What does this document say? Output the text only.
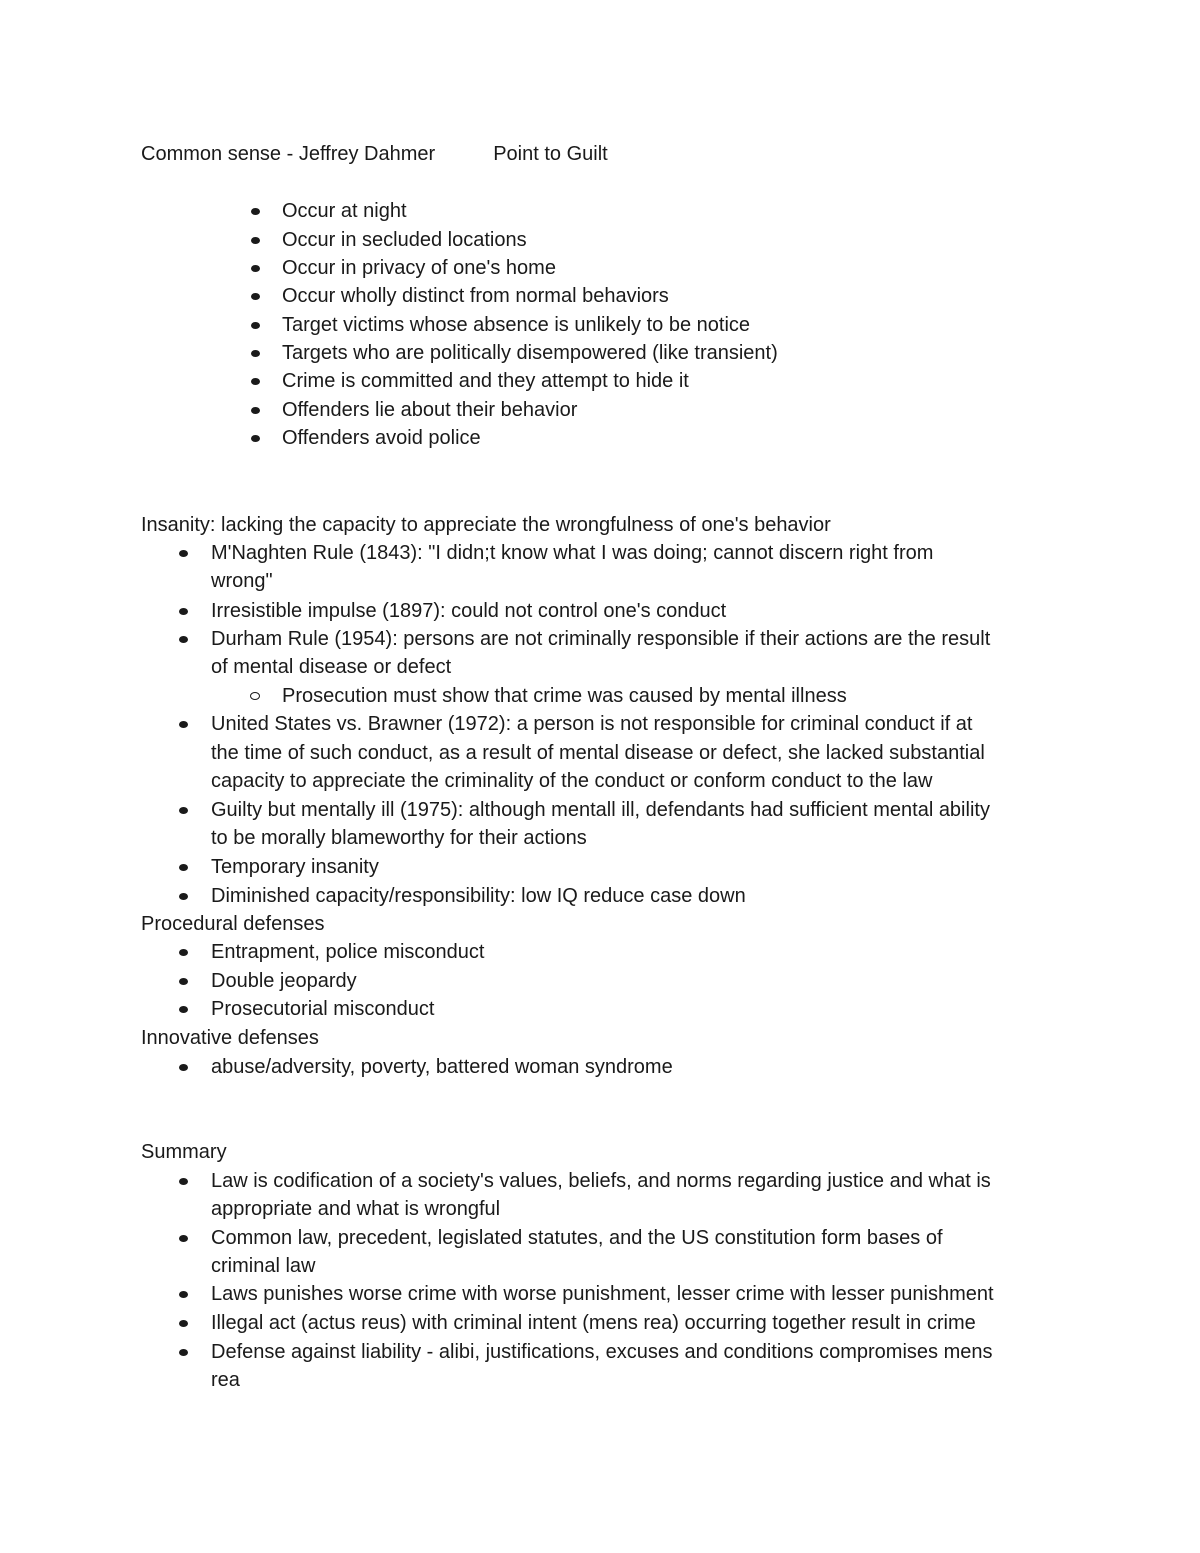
Common sense - Jeffrey Dahmer	Point to Guilt
Occur at night
Occur in secluded locations
Occur in privacy of one's home
Occur wholly distinct from normal behaviors
Target victims whose absence is unlikely to be notice
Targets who are politically disempowered (like transient)
Crime is committed and they attempt to hide it
Offenders lie about their behavior
Offenders avoid police
Insanity: lacking the capacity to appreciate the wrongfulness of one's behavior
M'Naghten Rule (1843): "I didn;t know what I was doing; cannot discern right from
wrong"
Irresistible impulse (1897): could not control one's conduct
Durham Rule (1954): persons are not criminally responsible if their actions are the result
of mental disease or defect
Prosecution must show that crime was caused by mental illness
United States vs. Brawner (1972): a person is not responsible for criminal conduct if at
the time of such conduct, as a result of mental disease or defect, she lacked substantial
capacity to appreciate the criminality of the conduct or conform conduct to the law
Guilty but mentally ill (1975): although mentall ill, defendants had sufficient mental ability
to be morally blameworthy for their actions
Temporary insanity
Diminished capacity/responsibility: low IQ reduce case down
Procedural defenses
Entrapment, police misconduct
Double jeopardy
Prosecutorial misconduct
Innovative defenses
abuse/adversity, poverty, battered woman syndrome
Summary
Law is codification of a society's values, beliefs, and norms regarding justice and what is
appropriate and what is wrongful
Common law, precedent, legislated statutes, and the US constitution form bases of
criminal law
Laws punishes worse crime with worse punishment, lesser crime with lesser punishment
Illegal act (actus reus) with criminal intent (mens rea) occurring together result in crime
Defense against liability - alibi, justifications, excuses and conditions compromises mens
rea
